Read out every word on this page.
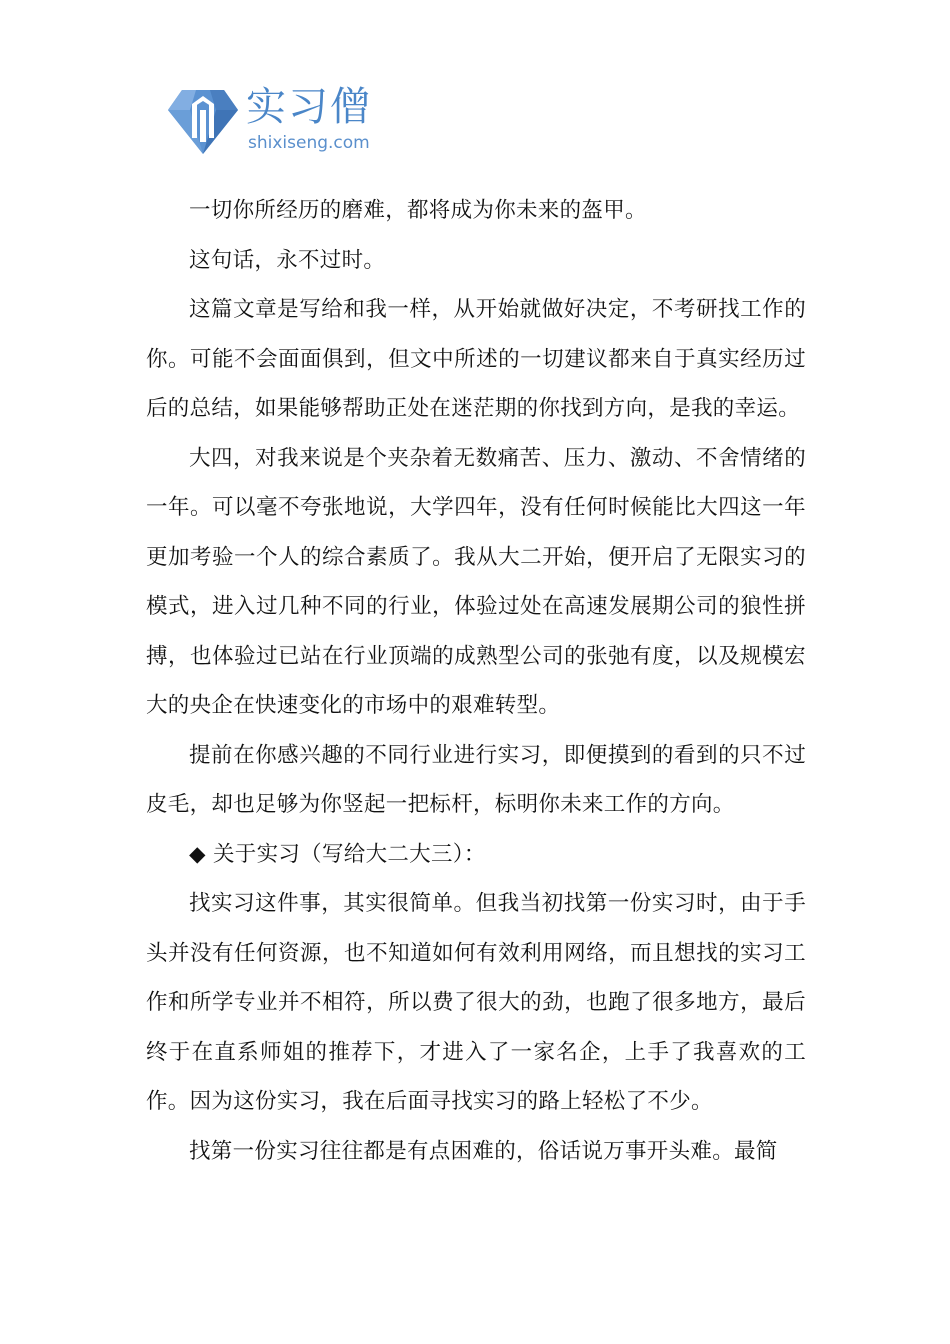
实习僧
shixiseng.com

一切你所经历的磨难，都将成为你未来的盔甲。

这句话，永不过时。

这篇文章是写给和我一样，从开始就做好决定，不考研找工作的你。可能不会面面俱到，但文中所述的一切建议都来自于真实经历过后的总结，如果能够帮助正处在迷茫期的你找到方向，是我的幸运。

大四，对我来说是个夹杂着无数痛苦、压力、激动、不舍情绪的一年。可以毫不夸张地说，大学四年，没有任何时候能比大四这一年更加考验一个人的综合素质了。我从大二开始，便开启了无限实习的模式，进入过几种不同的行业，体验过处在高速发展期公司的狼性拼搏，也体验过已站在行业顶端的成熟型公司的张弛有度，以及规模宏大的央企在快速变化的市场中的艰难转型。

提前在你感兴趣的不同行业进行实习，即便摸到的看到的只不过皮毛，却也足够为你竖起一把标杆，标明你未来工作的方向。

◆ 关于实习（写给大二大三）：

找实习这件事，其实很简单。但我当初找第一份实习时，由于手头并没有任何资源，也不知道如何有效利用网络，而且想找的实习工作和所学专业并不相符，所以费了很大的劲，也跑了很多地方，最后终于在直系师姐的推荐下，才进入了一家名企，上手了我喜欢的工作。因为这份实习，我在后面寻找实习的路上轻松了不少。

找第一份实习往往都是有点困难的，俗话说万事开头难。最简
